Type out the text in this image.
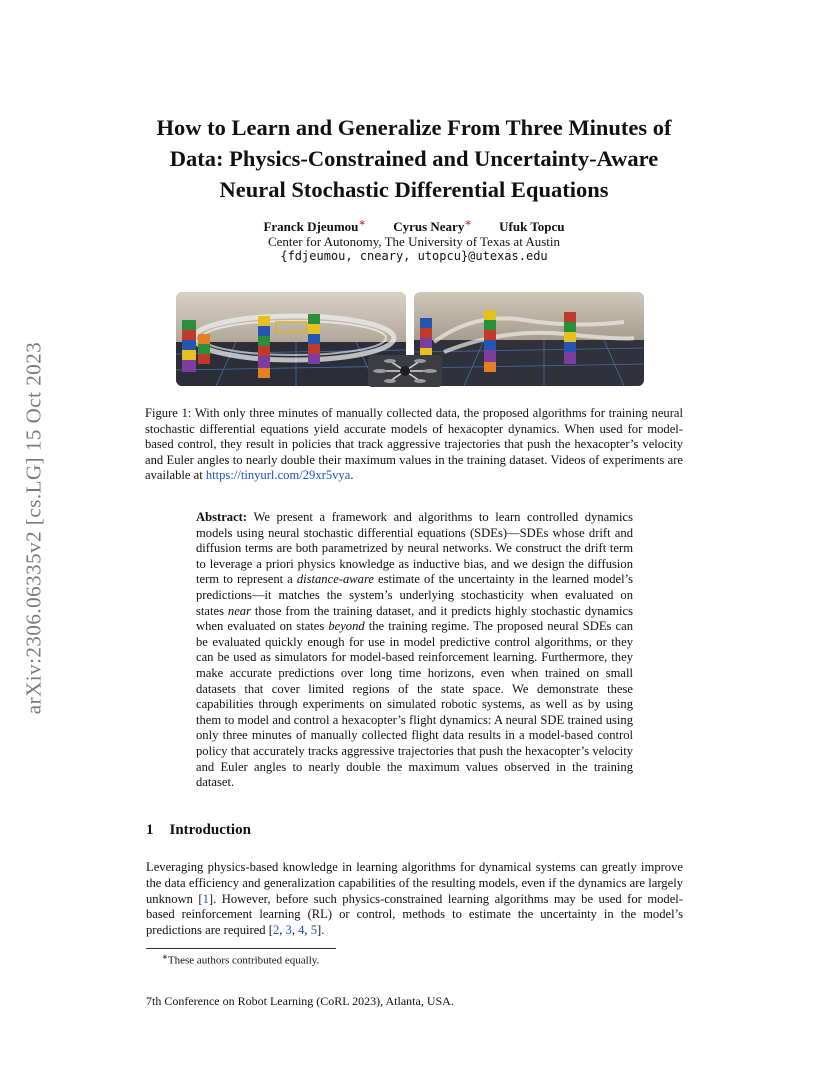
arXiv:2306.06335v2 [cs.LG] 15 Oct 2023
How to Learn and Generalize From Three Minutes of
Data: Physics-Constrained and Uncertainty-Aware
Neural Stochastic Differential Equations
Franck Djeumou∗ Cyrus Neary∗ Ufuk Topcu
Center for Autonomy, The University of Texas at Austin
{fdjeumou, cneary, utopcu}@utexas.edu
Figure 1: With only three minutes of manually collected data, the proposed algorithms for training neural stochastic differential equations yield accurate models of hexacopter dynamics. When used for model-based control, they result in policies that track aggressive trajectories that push the hexacopter’s velocity and Euler angles to nearly double their maximum values in the training dataset. Videos of experiments are available at https://tinyurl.com/29xr5vya.
Abstract: We present a framework and algorithms to learn controlled dynamics models using neural stochastic differential equations (SDEs)—SDEs whose drift and diffusion terms are both parametrized by neural networks. We construct the drift term to leverage a priori physics knowledge as inductive bias, and we design the diffusion term to represent a distance-aware estimate of the uncertainty in the learned model’s predictions—it matches the system’s underlying stochasticity when evaluated on states near those from the training dataset, and it predicts highly stochastic dynamics when evaluated on states beyond the training regime. The proposed neural SDEs can be evaluated quickly enough for use in model predictive control algorithms, or they can be used as simulators for model-based reinforcement learning. Furthermore, they make accurate predictions over long time horizons, even when trained on small datasets that cover limited regions of the state space. We demonstrate these capabilities through experiments on simulated robotic systems, as well as by using them to model and control a hexacopter’s flight dynamics: A neural SDE trained using only three minutes of manually collected flight data results in a model-based control policy that accurately tracks aggressive trajectories that push the hexacopter’s velocity and Euler angles to nearly double the maximum values observed in the training dataset.
1 Introduction
Leveraging physics-based knowledge in learning algorithms for dynamical systems can greatly improve the data efficiency and generalization capabilities of the resulting models, even if the dynamics are largely unknown [1]. However, before such physics-constrained learning algorithms may be used for model-based reinforcement learning (RL) or control, methods to estimate the uncertainty in the model’s predictions are required [2, 3, 4, 5].
∗These authors contributed equally.
7th Conference on Robot Learning (CoRL 2023), Atlanta, USA.
